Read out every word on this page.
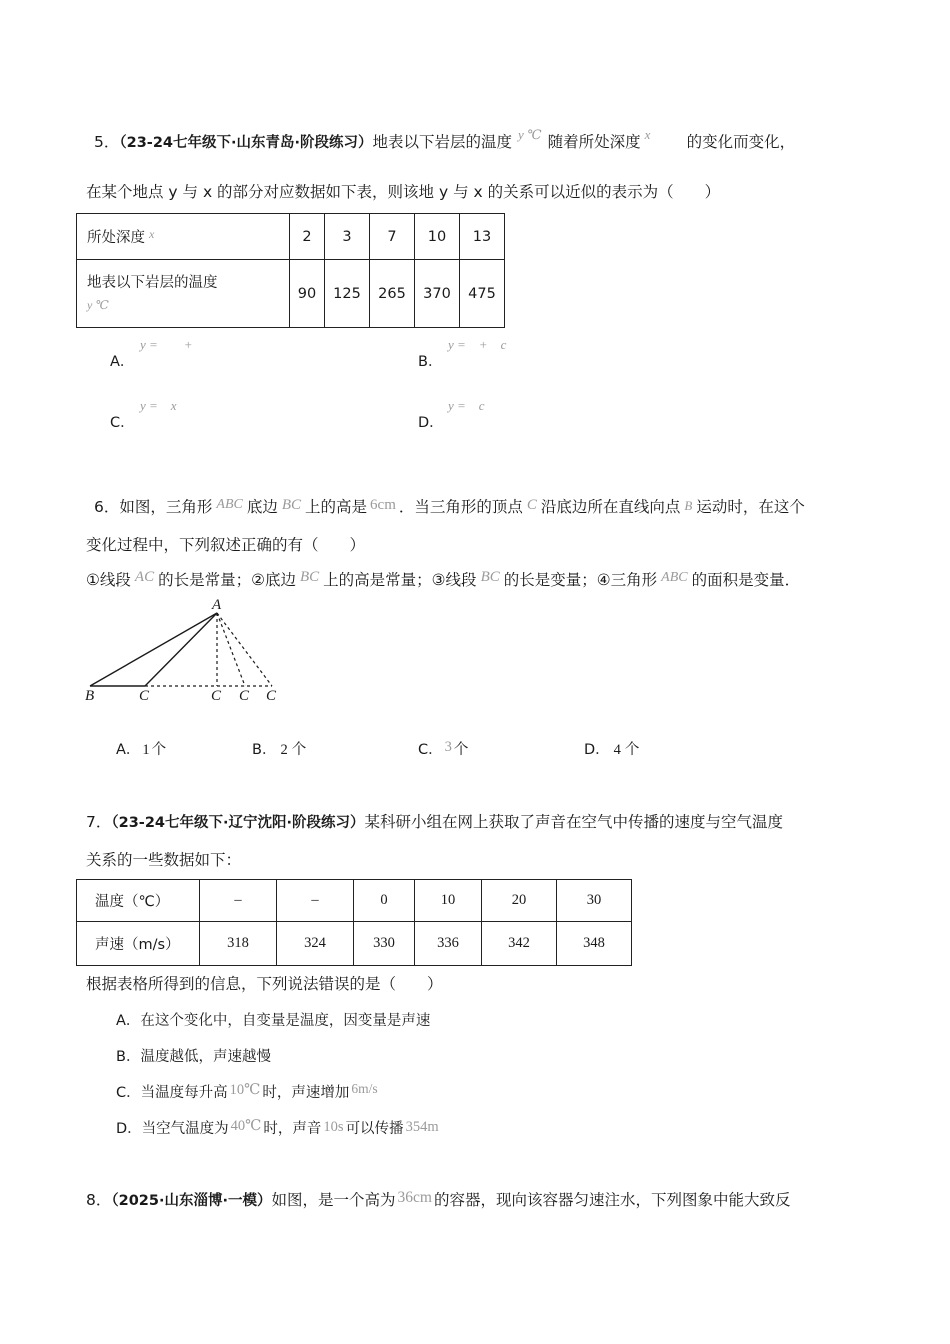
5．（23-24七年级下·山东青岛·阶段练习）地表以下岩层的温度 $^{y ℃}$ 随着所处深度 x 的变化而变化，
在某个地点 y 与 x 的部分对应数据如下表，则该地 y 与 x 的关系可以近似的表示为（　　）
所处深度 $^x$	2	3	7	10	13
地表以下岩层的温度
y ℃	90	125	265	370	475
A．
y =　　+
B．
y =　+　c
C．
y =　x
D．
y =　c
6．如图，三角形 ABC 底边 BC 上的高是 6cm ．当三角形的顶点 C 沿底边所在直线向点 B 运动时，在这个
变化过程中，下列叙述正确的有（　　）
①线段 AC 的长是常量；②底边 BC 上的高是常量；③线段 BC 的长是变量；④三角形 ABC 的面积是变量．
A
B	C	C C C
A． 1 个	B． 2 个	C． 3 个	D． 4 个
7．（23-24七年级下·辽宁沈阳·阶段练习）某科研小组在网上获取了声音在空气中传播的速度与空气温度
关系的一些数据如下：
温度（℃）	–	–	0	10	20	30
声速（m/s）	318	324	330	336	342	348
根据表格所得到的信息，下列说法错误的是（　　）
A．在这个变化中，自变量是温度，因变量是声速
B．温度越低，声速越慢
C．当温度每升高 10℃ 时，声速增加 6m/s
D．当空气温度为 40℃ 时，声音 10s 可以传播 354m
8．（2025·山东淄博·一模）如图，是一个高为 36cm 的容器，现向该容器匀速注水，下列图象中能大致反
